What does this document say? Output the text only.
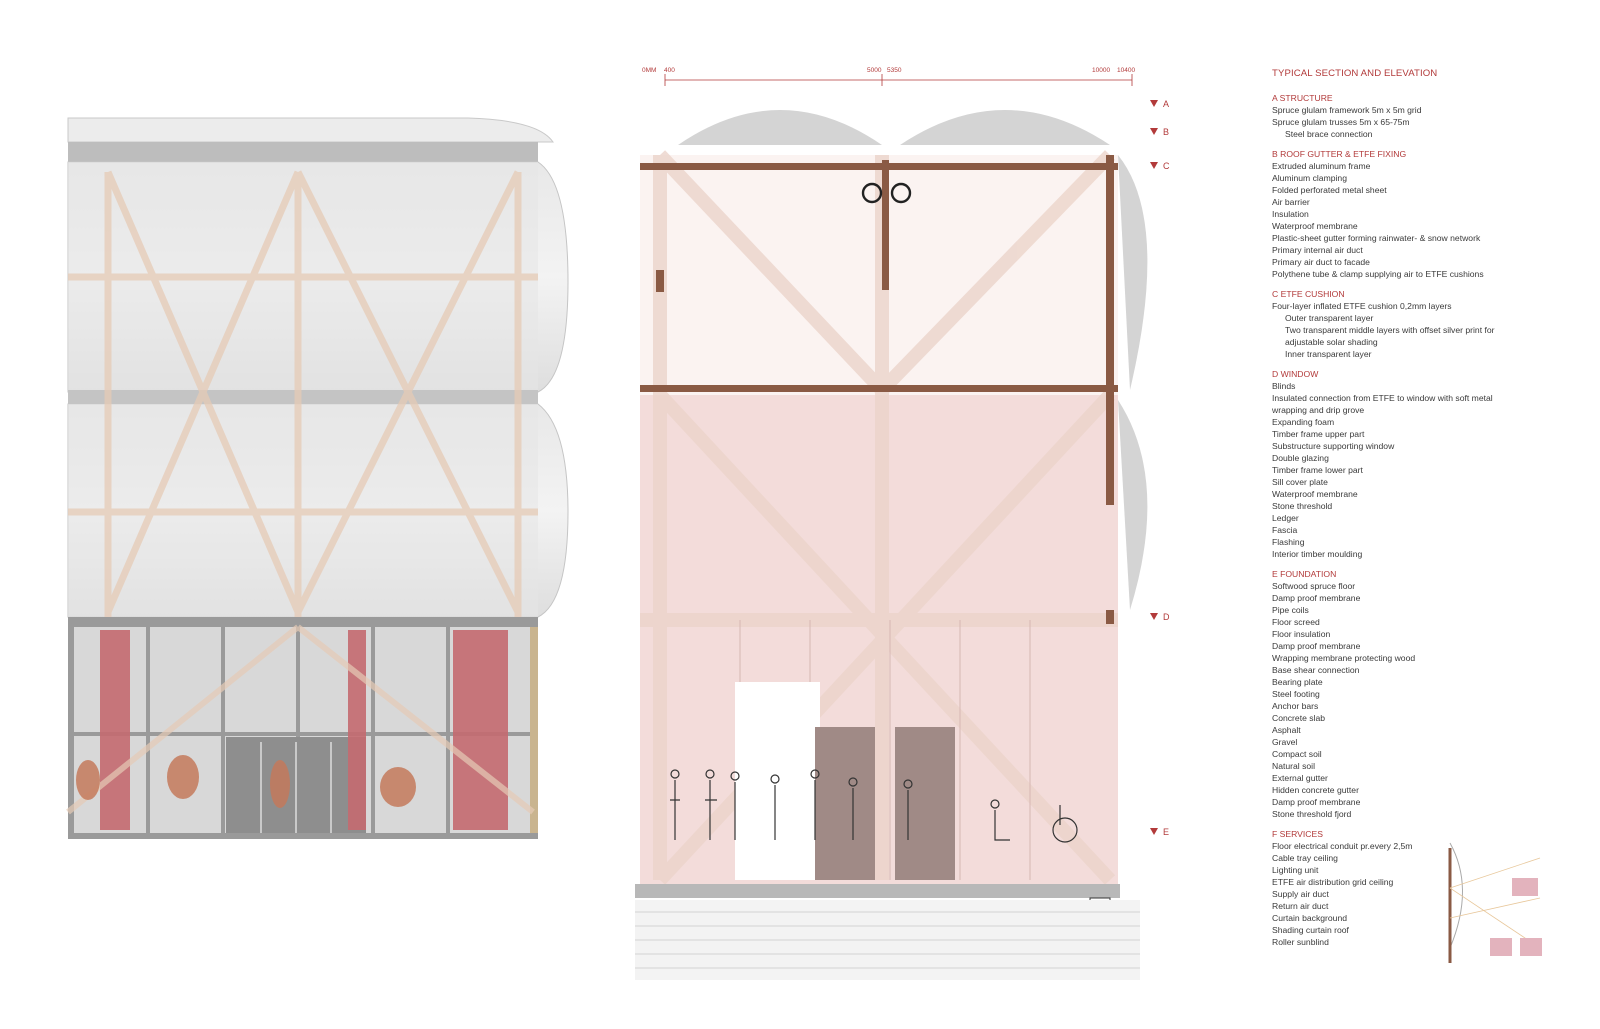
0MM 400	5000 5350	10000 10400
A
B
C
D
E
TYPICAL SECTION AND ELEVATION
A STRUCTURE
Spruce glulam framework 5m x 5m grid
Spruce glulam trusses 5m x 65-75m
Steel brace connection
B ROOF GUTTER & ETFE FIXING
Extruded aluminum frame
Aluminum clamping
Folded perforated metal sheet
Air barrier
Insulation
Waterproof membrane
Plastic-sheet gutter forming rainwater- & snow network
Primary internal air duct
Primary air duct to facade
Polythene tube & clamp supplying air to ETFE cushions
C ETFE CUSHION
Four-layer inflated ETFE cushion 0,2mm layers
Outer transparent layer
Two transparent middle layers with offset silver print for
adjustable solar shading
Inner transparent layer
D WINDOW
Blinds
Insulated connection from ETFE to window with soft metal
wrapping and drip grove
Expanding foam
Timber frame upper part
Substructure supporting window
Double glazing
Timber frame lower part
Sill cover plate
Waterproof membrane
Stone threshold
Ledger
Fascia
Flashing
Interior timber moulding
E FOUNDATION
Softwood spruce floor
Damp proof membrane
Pipe coils
Floor screed
Floor insulation
Damp proof membrane
Wrapping membrane protecting wood
Base shear connection
Bearing plate
Steel footing
Anchor bars
Concrete slab
Asphalt
Gravel
Compact soil
Natural soil
External gutter
Hidden concrete gutter
Damp proof membrane
Stone threshold fjord
F SERVICES
Floor electrical conduit pr.every 2,5m
Cable tray ceiling
Lighting unit
ETFE air distribution grid ceiling
Supply air duct
Return air duct
Curtain background
Shading curtain roof
Roller sunblind
